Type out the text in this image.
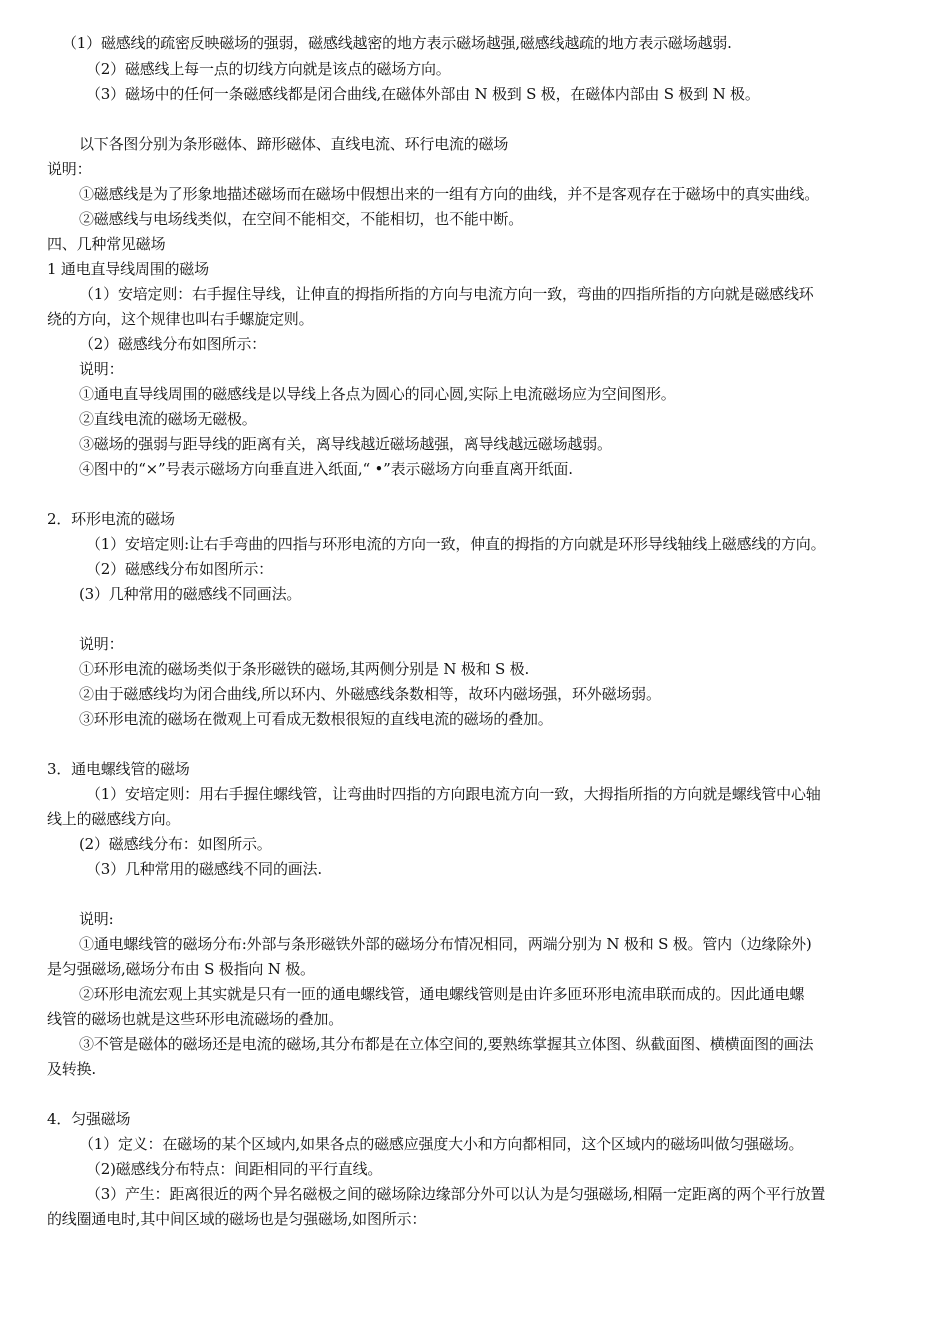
（1）磁感线的疏密反映磁场的强弱，磁感线越密的地方表示磁场越强,磁感线越疏的地方表示磁场越弱.
（2）磁感线上每一点的切线方向就是该点的磁场方向。
（3）磁场中的任何一条磁感线都是闭合曲线,在磁体外部由 N 极到 S 极，在磁体内部由 S 极到 N 极。
以下各图分别为条形磁体、蹄形磁体、直线电流、环行电流的磁场
说明：
①磁感线是为了形象地描述磁场而在磁场中假想出来的一组有方向的曲线，并不是客观存在于磁场中的真实曲线。
②磁感线与电场线类似，在空间不能相交，不能相切，也不能中断。
四、几种常见磁场
1 通电直导线周围的磁场
（1）安培定则：右手握住导线，让伸直的拇指所指的方向与电流方向一致，弯曲的四指所指的方向就是磁感线环
绕的方向，这个规律也叫右手螺旋定则。
（2）磁感线分布如图所示：
说明：
①通电直导线周围的磁感线是以导线上各点为圆心的同心圆,实际上电流磁场应为空间图形。
②直线电流的磁场无磁极。
③磁场的强弱与距导线的距离有关，离导线越近磁场越强，离导线越远磁场越弱。
④图中的“×”号表示磁场方向垂直进入纸面,“ •”表示磁场方向垂直离开纸面.
2．环形电流的磁场
（1）安培定则:让右手弯曲的四指与环形电流的方向一致，伸直的拇指的方向就是环形导线轴线上磁感线的方向。
（2）磁感线分布如图所示：
(3）几种常用的磁感线不同画法。
说明：
①环形电流的磁场类似于条形磁铁的磁场,其两侧分别是 N 极和 S 极.
②由于磁感线均为闭合曲线,所以环内、外磁感线条数相等，故环内磁场强，环外磁场弱。
③环形电流的磁场在微观上可看成无数根很短的直线电流的磁场的叠加。
3．通电螺线管的磁场
（1）安培定则：用右手握住螺线管，让弯曲时四指的方向跟电流方向一致，大拇指所指的方向就是螺线管中心轴
线上的磁感线方向。
(2）磁感线分布：如图所示。
（3）几种常用的磁感线不同的画法.
说明:
①通电螺线管的磁场分布:外部与条形磁铁外部的磁场分布情况相同，两端分别为 N 极和 S 极。管内（边缘除外)
是匀强磁场,磁场分布由 S 极指向 N 极。
②环形电流宏观上其实就是只有一匝的通电螺线管，通电螺线管则是由许多匝环形电流串联而成的。因此通电螺
线管的磁场也就是这些环形电流磁场的叠加。
③不管是磁体的磁场还是电流的磁场,其分布都是在立体空间的,要熟练掌握其立体图、纵截面图、横横面图的画法
及转换.
4．匀强磁场
（1）定义：在磁场的某个区域内,如果各点的磁感应强度大小和方向都相同，这个区域内的磁场叫做匀强磁场。
（2)磁感线分布特点：间距相同的平行直线。
（3）产生：距离很近的两个异名磁极之间的磁场除边缘部分外可以认为是匀强磁场,相隔一定距离的两个平行放置
的线圈通电时,其中间区域的磁场也是匀强磁场,如图所示：
